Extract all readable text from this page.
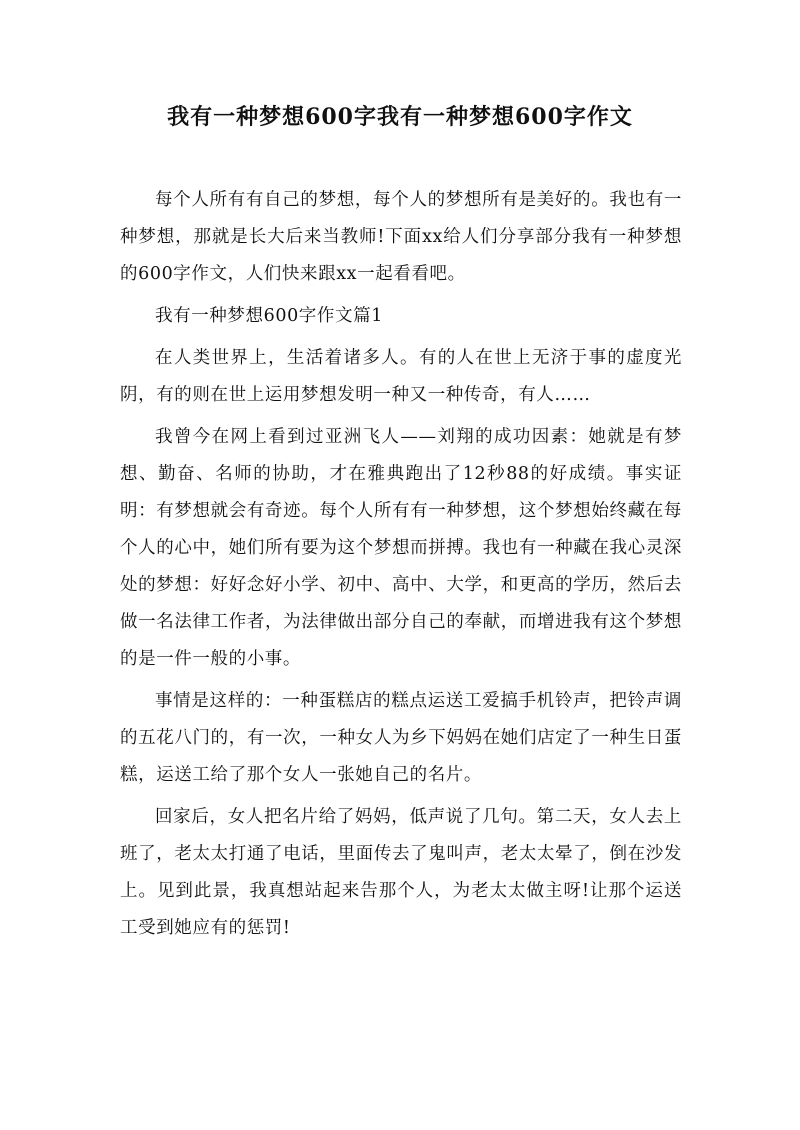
我有一种梦想600字我有一种梦想600字作文

每个人所有有自己的梦想，每个人的梦想所有是美好的。我也有一种梦想，那就是长大后来当教师!下面xx给人们分享部分我有一种梦想的600字作文，人们快来跟xx一起看看吧。

我有一种梦想600字作文篇1

在人类世界上，生活着诸多人。有的人在世上无济于事的虚度光阴，有的则在世上运用梦想发明一种又一种传奇，有人……

我曾今在网上看到过亚洲飞人——刘翔的成功因素：她就是有梦想、勤奋、名师的协助，才在雅典跑出了12秒88的好成绩。事实证明：有梦想就会有奇迹。每个人所有有一种梦想，这个梦想始终藏在每个人的心中，她们所有要为这个梦想而拼搏。我也有一种藏在我心灵深处的梦想：好好念好小学、初中、高中、大学，和更高的学历，然后去做一名法律工作者，为法律做出部分自己的奉献，而增进我有这个梦想的是一件一般的小事。

事情是这样的：一种蛋糕店的糕点运送工爱搞手机铃声，把铃声调的五花八门的，有一次，一种女人为乡下妈妈在她们店定了一种生日蛋糕，运送工给了那个女人一张她自己的名片。

回家后，女人把名片给了妈妈，低声说了几句。第二天，女人去上班了，老太太打通了电话，里面传去了鬼叫声，老太太晕了，倒在沙发上。见到此景，我真想站起来告那个人，为老太太做主呀!让那个运送工受到她应有的惩罚!
